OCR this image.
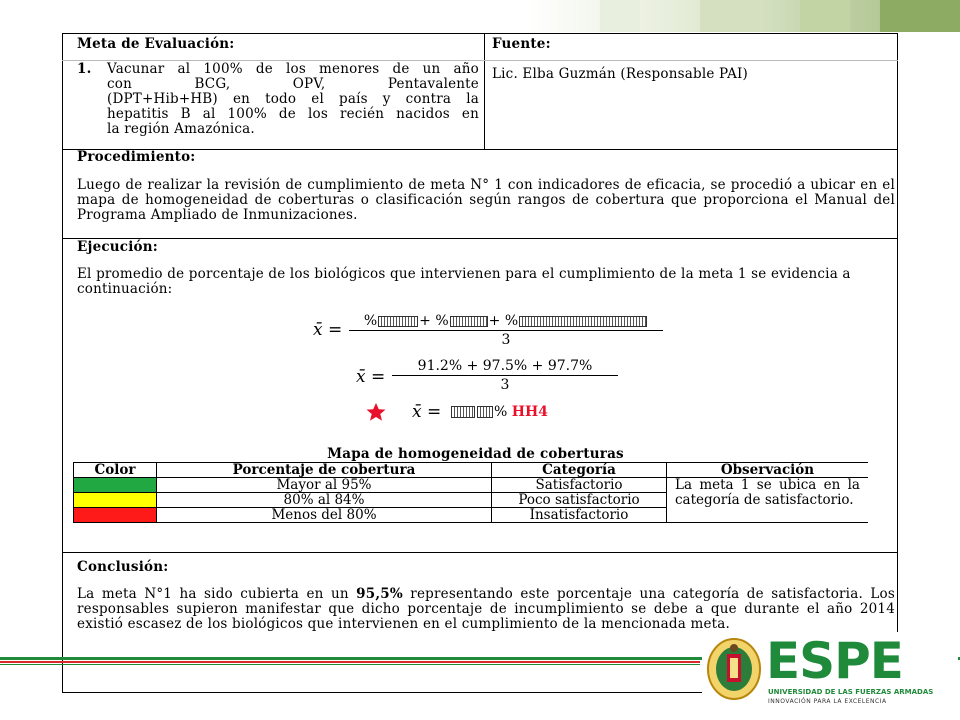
Meta de Evaluación:
1. Vacunar al 100% de los menores de un año
con BCG, OPV, Pentavalente
(DPT+Hib+HB) en todo el país y contra la
hepatitis B al 100% de los recién nacidos en
la región Amazónica.
Fuente:
Lic. Elba Guzmán (Responsable PAI)
Procedimiento:
Luego de realizar la revisión de cumplimiento de meta N° 1 con indicadores de eficacia, se procedió a ubicar en el mapa de homogeneidad de coberturas o clasificación según rangos de cobertura que proporciona el Manual del Programa Ampliado de Inmunizaciones.
Ejecución:
El promedio de porcentaje de los biológicos que intervienen para el cumplimiento de la meta 1 se evidencia a continuación:
x̄ =	%	+ %	+ %
3
x̄ =
91.2% + 97.5% + 97.7%
3
x̄ =	% HH4
Mapa de homogeneidad de coberturas
Color	Porcentaje de cobertura	Categoría	Observación
	Mayor al 95%	Satisfactorio	La meta 1 se ubica en la categoría de satisfactorio.

	80% al 84%	Poco satisfactorio	
	Menos del 80%	Insatisfactorio	
Conclusión:
La meta N°1 ha sido cubierta en un 95,5% representando este porcentaje una categoría de satisfactoria. Los responsables supieron manifestar que dicho porcentaje de incumplimiento se debe a que durante el año 2014 existió escasez de los biológicos que intervienen en el cumplimiento de la mencionada meta.
ESPE
UNIVERSIDAD DE LAS FUERZAS ARMADAS
INNOVACIÓN PARA LA EXCELENCIA
